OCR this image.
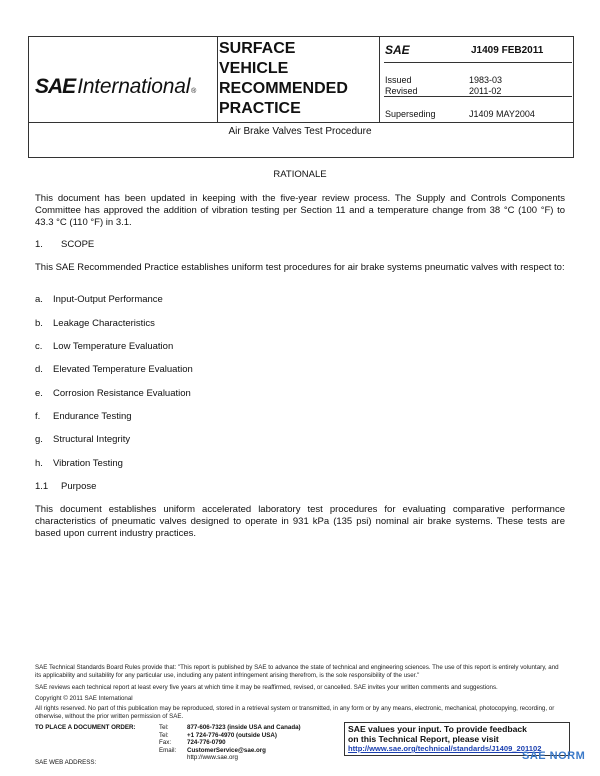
SAE International ®
SURFACE
VEHICLE
RECOMMENDED
PRACTICE
SAE	J1409 FEB2011
Issued	1983-03
Revised	2011-02
Superseding	J1409 MAY2004
Air Brake Valves Test Procedure
RATIONALE
This document has been updated in keeping with the five-year review process. The Supply and Controls Components Committee has approved the addition of vibration testing per Section 11 and a temperature change from 38 °C (100 °F) to 43.3 °C (110 °F) in 3.1.
1. SCOPE
This SAE Recommended Practice establishes uniform test procedures for air brake systems pneumatic valves with respect to:
a. Input-Output Performance
b. Leakage Characteristics
c. Low Temperature Evaluation
d. Elevated Temperature Evaluation
e. Corrosion Resistance Evaluation
f. Endurance Testing
g. Structural Integrity
h. Vibration Testing
1.1 Purpose
This document establishes uniform accelerated laboratory test procedures for evaluating comparative performance characteristics of pneumatic valves designed to operate in 931 kPa (135 psi) nominal air brake systems. These tests are based upon current industry practices.
SAE Technical Standards Board Rules provide that: "This report is published by SAE to advance the state of technical and engineering sciences. The use of this report is entirely voluntary, and its applicability and suitability for any particular use, including any patent infringement arising therefrom, is the sole responsibility of the user."
SAE reviews each technical report at least every five years at which time it may be reaffirmed, revised, or cancelled. SAE invites your written comments and suggestions.
Copyright © 2011 SAE International
All rights reserved. No part of this publication may be reproduced, stored in a retrieval system or transmitted, in any form or by any means, electronic, mechanical, photocopying, recording, or otherwise, without the prior written permission of SAE.
TO PLACE A DOCUMENT ORDER:	Tel:	877-606-7323 (inside USA and Canada)
Tel:	+1 724-776-4970 (outside USA)
Fax:	724-776-0790
Email: CustomerService@sae.org
http://www.sae.org
SAE WEB ADDRESS:
SAE values your input. To provide feedback
on this Technical Report, please visit
http://www.sae.org/technical/standards/J1409_201102
SAE NORM
